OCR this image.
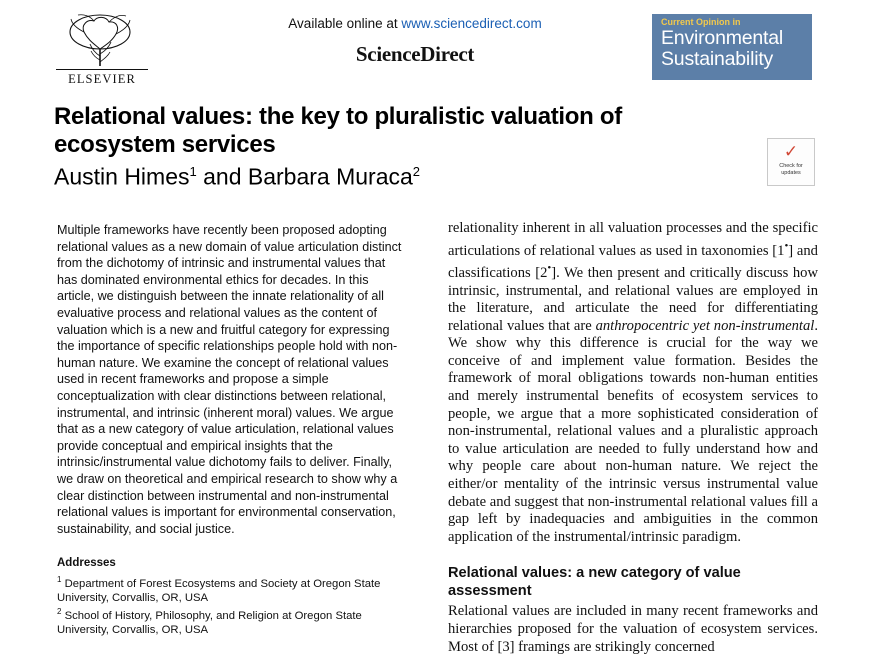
ELSEVIER
Available online at www.sciencedirect.com
ScienceDirect
Current Opinion in
Environmental
Sustainability
Relational values: the key to pluralistic valuation of ecosystem services
Austin Himes$^1$ and Barbara Muraca$^2$
✓
Check for
updates

Multiple frameworks have recently been proposed adopting relational values as a new domain of value articulation distinct from the dichotomy of intrinsic and instrumental values that has dominated environmental ethics for decades. In this article, we distinguish between the innate relationality of all evaluative process and relational values as the content of valuation which is a new and fruitful category for expressing the importance of specific relationships people hold with non-human nature. We examine the concept of relational values used in recent frameworks and propose a simple conceptualization with clear distinctions between relational, instrumental, and intrinsic (inherent moral) values. We argue that as a new category of value articulation, relational values provide conceptual and empirical insights that the intrinsic/instrumental value dichotomy fails to deliver. Finally, we draw on theoretical and empirical research to show why a clear distinction between instrumental and non-instrumental relational values is important for environmental conservation, sustainability, and social justice.

Addresses
$^1$ Department of Forest Ecosystems and Society at Oregon State University, Corvallis, OR, USA
$^2$ School of History, Philosophy, and Religion at Oregon State University, Corvallis, OR, USA

relationality inherent in all valuation processes and the specific articulations of relational values as used in taxonomies [1•] and classifications [2•]. We then present and critically discuss how intrinsic, instrumental, and relational values are employed in the literature, and articulate the need for differentiating relational values that are anthropocentric yet non-instrumental. We show why this difference is crucial for the way we conceive of and implement value formation. Besides the framework of moral obligations towards non-human entities and merely instrumental benefits of ecosystem services to people, we argue that a more sophisticated consideration of non-instrumental, relational values and a pluralistic approach to value articulation are needed to fully understand how and why people care about non-human nature. We reject the either/or mentality of the intrinsic versus instrumental value debate and suggest that non-instrumental relational values fill a gap left by inadequacies and ambiguities in the common application of the instrumental/intrinsic paradigm.

Relational values: a new category of value assessment

Relational values are included in many recent frameworks and hierarchies proposed for the valuation of ecosystem services. Most of [3] framings are strikingly concerned
